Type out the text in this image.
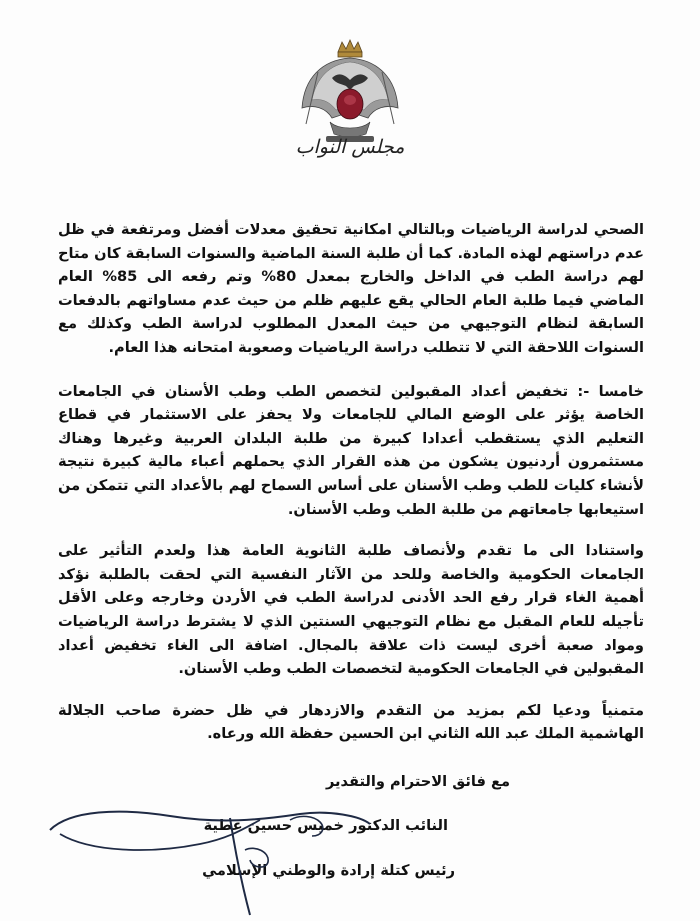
مجلس النواب

الصحي لدراسة الرياضيات وبالتالي امكانية تحقيق معدلات أفضل ومرتفعة في ظل عدم دراستهم لهذه المادة. كما أن طلبة السنة الماضية والسنوات السابقة كان متاح لهم دراسة الطب في الداخل والخارج بمعدل 80% وتم رفعه الى 85% العام الماضي فيما طلبة العام الحالي يقع عليهم ظلم من حيث عدم مساواتهم بالدفعات السابقة لنظام التوجيهي من حيث المعدل المطلوب لدراسة الطب وكذلك مع السنوات اللاحقة التي لا تتطلب دراسة الرياضيات وصعوبة امتحانه هذا العام.

خامسا -: تخفيض أعداد المقبولين لتخصص الطب وطب الأسنان في الجامعات الخاصة يؤثر على الوضع المالي للجامعات ولا يحفز على الاستثمار في قطاع التعليم الذي يستقطب أعدادا كبيرة من طلبة البلدان العربية وغيرها وهناك مستثمرون أردنيون يشكون من هذه القرار الذي يحملهم أعباء مالية كبيرة نتيجة لأنشاء كليات للطب وطب الأسنان على أساس السماح لهم بالأعداد التي تتمكن من استيعابها جامعاتهم من طلبة الطب وطب الأسنان.

واستنادا الى ما تقدم ولأنصاف طلبة الثانوية العامة هذا ولعدم التأثير على الجامعات الحكومية والخاصة وللحد من الآثار النفسية التي لحقت بالطلبة نؤكد أهمية الغاء قرار رفع الحد الأدنى لدراسة الطب في الأردن وخارجه وعلى الأقل تأجيله للعام المقبل مع نظام التوجيهي السنتين الذي لا يشترط دراسة الرياضيات ومواد صعبة أخرى ليست ذات علاقة بالمجال. اضافة الى الغاء تخفيض أعداد المقبولين في الجامعات الحكومية لتخصصات الطب وطب الأسنان.

متمنياً ودعيا لكم بمزيد من التقدم والازدهار في ظل حضرة صاحب الجلالة الهاشمية الملك عبد الله الثاني ابن الحسين حفظة الله ورعاه.

مع فائق الاحترام والتقدير
النائب الدكتور خميس حسين عطية
رئيس كتلة إرادة والوطني الإسلامي
